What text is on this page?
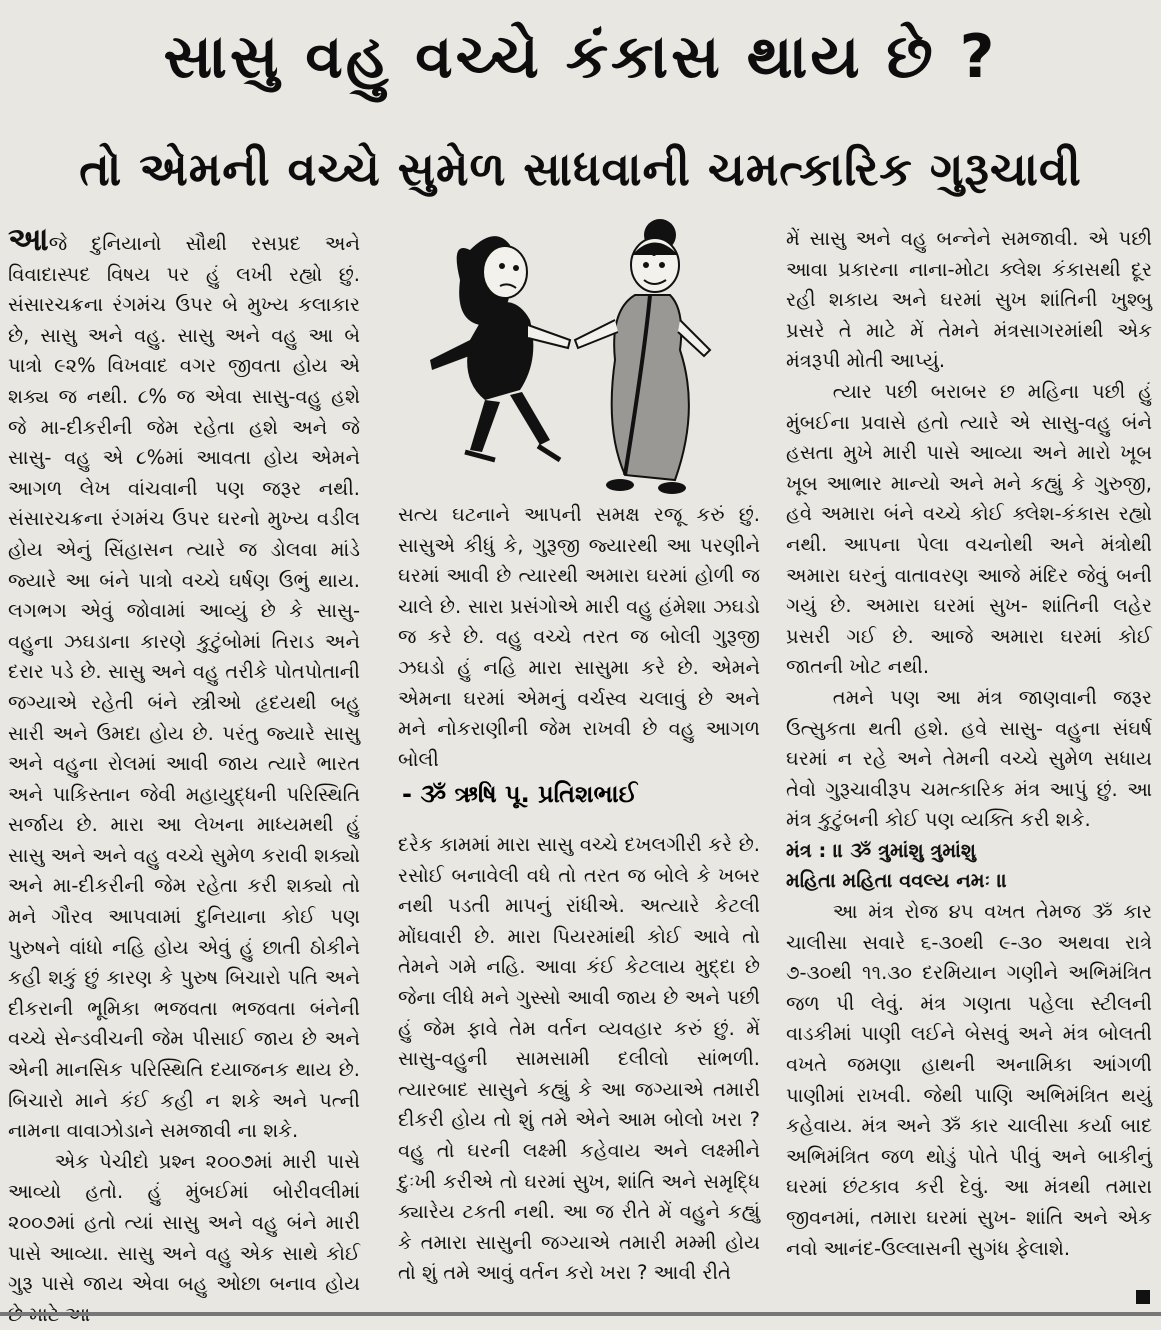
સાસુ વહુ વચ્ચે કંકાસ થાય છે ?
તો એમની વચ્ચે સુમેળ સાધવાની ચમત્કારિક ગુરૂચાવી

આજે દુનિયાનો સૌથી રસપ્રદ અને વિવાદાસ્પદ વિષય પર હું લખી રહ્યો છું. સંસારચક્રના રંગમંચ ઉપર બે મુખ્ય કલાકાર છે, સાસુ અને વહુ. સાસુ અને વહુ આ બે પાત્રો ૯૨% વિખવાદ વગર જીવતા હોય એ શક્ય જ નથી. ૮% જ એવા સાસુ-વહુ હશે જે મા-દીકરીની જેમ રહેતા હશે અને જે સાસુ- વહુ એ ૮%માં આવતા હોય એમને આગળ લેખ વાંચવાની પણ જરૂર નથી. સંસારચક્રના રંગમંચ ઉપર ઘરનો મુખ્ય વડીલ હોય એનું સિંહાસન ત્યારે જ ડોલવા માંડે જ્યારે આ બંને પાત્રો વચ્ચે ઘર્ષણ ઉભું થાય. લગભગ એવું જોવામાં આવ્યું છે કે સાસુ- વહુના ઝઘડાના કારણે કુટુંબોમાં તિરાડ અને દરાર પડે છે. સાસુ અને વહુ તરીકે પોતપોતાની જગ્યાએ રહેતી બંને સ્ત્રીઓ હૃદયથી બહુ સારી અને ઉમદા હોય છે. પરંતુ જ્યારે સાસુ અને વહુના રોલમાં આવી જાય ત્યારે ભારત અને પાકિસ્તાન જેવી મહાયુદ્ધની પરિસ્થિતિ સર્જાય છે. મારા આ લેખના માધ્યમથી હું સાસુ અને અને વહુ વચ્ચે સુમેળ કરાવી શક્યો અને મા-દીકરીની જેમ રહેતા કરી શક્યો તો મને ગૌરવ આપવામાં દુનિયાના કોઈ પણ પુરુષને વાંધો નહિ હોય એવું હું છાતી ઠોકીને કહી શકું છું કારણ કે પુરુષ બિચારો પતિ અને દીકરાની ભૂમિકા ભજવતા ભજવતા બંનેની વચ્ચે સેન્ડવીચની જેમ પીસાઈ જાય છે અને એની માનસિક પરિસ્થિતિ દયાજનક થાય છે. બિચારો માને કંઈ કહી ન શકે અને પત્ની નામના વાવાઝોડાને સમજાવી ના શકે.

એક પેચીદો પ્રશ્ન ૨૦૦૭માં મારી પાસે આવ્યો હતો. હું મુંબઈમાં બોરીવલીમાં ૨૦૦૭માં હતો ત્યાં સાસુ અને વહુ બંને મારી પાસે આવ્યા. સાસુ અને વહુ એક સાથે કોઈ ગુરૂ પાસે જાય એવા બહુ ઓછા બનાવ હોય

સત્ય ઘટનાને આપની સમક્ષ રજૂ કરું છું. સાસુએ કીધું કે, ગુરૂજી જ્યારથી આ પરણીને ઘરમાં આવી છે ત્યારથી અમારા ઘરમાં હોળી જ ચાલે છે. સારા પ્રસંગોએ મારી વહુ હંમેશા ઝઘડો જ કરે છે. વહુ વચ્ચે તરત જ બોલી ગુરૂજી ઝઘડો હું નહિ મારા સાસુમા કરે છે. એમને એમના ઘરમાં એમનું વર્ચસ્વ ચલાવું છે અને મને નોકરાણીની જેમ રાખવી છે વહુ આગળ બોલી

- ૐ ઋષિ પૂ. પ્રતિશભાઈ

દરેક કામમાં મારા સાસુ વચ્ચે દખલગીરી કરે છે. રસોઈ બનાવેલી વધે તો તરત જ બોલે કે ખબર નથી પડતી માપનું રાંધીએ. અત્યારે કેટલી મોંઘવારી છે. મારા પિયરમાંથી કોઈ આવે તો તેમને ગમે નહિ. આવા કંઈ કેટલાય મુદ્દા છે જેના લીધે મને ગુસ્સો આવી જાય છે અને પછી હું જેમ ફાવે તેમ વર્તન વ્યવહાર કરું છું. મેં સાસુ-વહુની સામસામી દલીલો સાંભળી. ત્યારબાદ સાસુને કહ્યું કે આ જગ્યાએ તમારી દીકરી હોય તો શું તમે એને આમ બોલો ખરા ? વહુ તો ઘરની લક્ષ્મી કહેવાય અને લક્ષ્મીને દુઃખી કરીએ તો ઘરમાં સુખ, શાંતિ અને સમૃદ્ધિ ક્યારેય ટકતી નથી. આ જ રીતે મેં વહુને કહ્યું કે તમારા સાસુની જગ્યાએ તમારી મમ્મી હોય તો શું તમે આવું વર્તન કરો ખરા ? આવી રીતે

મેં સાસુ અને વહુ બન્નેને સમજાવી. એ પછી આવા પ્રકારના નાના-મોટા ક્લેશ કંકાસથી દૂર રહી શકાય અને ઘરમાં સુખ શાંતિની ખુશ્બુ પ્રસરે તે માટે મેં તેમને મંત્રસાગરમાંથી એક મંત્રરૂપી મોતી આપ્યું.

ત્યાર પછી બરાબર છ મહિના પછી હું મુંબઈના પ્રવાસે હતો ત્યારે એ સાસુ-વહુ બંને હસતા મુખે મારી પાસે આવ્યા અને મારો ખૂબ ખૂબ આભાર માન્યો અને મને કહ્યું કે ગુરુજી, હવે અમારા બંને વચ્ચે કોઈ ક્લેશ-કંકાસ રહ્યો નથી. આપના પેલા વચનોથી અને મંત્રોથી અમારા ઘરનું વાતાવરણ આજે મંદિર જેવું બની ગયું છે. અમારા ઘરમાં સુખ- શાંતિની લહેર પ્રસરી ગઈ છે. આજે અમારા ઘરમાં કોઈ જાતની ખોટ નથી.

તમને પણ આ મંત્ર જાણવાની જરૂર ઉત્સુકતા થતી હશે. હવે સાસુ- વહુના સંઘર્ષ ઘરમાં ન રહે અને તેમની વચ્ચે સુમેળ સધાય તેવો ગુરૂચાવીરૂપ ચમત્કારિક મંત્ર આપું છું. આ મંત્ર કુટુંબની કોઈ પણ વ્યક્તિ કરી શકે.

મંત્ર : ॥ ૐ ત્રુમાંશુ ત્રુમાંશુ

મહિતા મહિતા વવલ્ય નમઃ ॥

આ મંત્ર રોજ ૪૫ વખત તેમજ ૐ કાર ચાલીસા સવારે ૬-૩૦થી ૯-૩૦ અથવા રાત્રે ૭-૩૦થી ૧૧.૩૦ દરમિયાન ગણીને અભિમંત્રિત જળ પી લેવું. મંત્ર ગણતા પહેલા સ્ટીલની વાડકીમાં પાણી લઈને બેસવું અને મંત્ર બોલતી વખતે જમણા હાથની અનામિકા આંગળી પાણીમાં રાખવી. જેથી પાણિ અભિમંત્રિત થયું કહેવાય. મંત્ર અને ૐ કાર ચાલીસા કર્યા બાદ અભિમંત્રિત જળ થોડું પોતે પીવું અને બાકીનું ઘરમાં છંટકાવ કરી દેવું. આ મંત્રથી તમારા જીવનમાં, તમારા ઘરમાં સુખ- શાંતિ અને એક નવો આનંદ-ઉલ્લાસની સુગંધ ફેલાશે.
